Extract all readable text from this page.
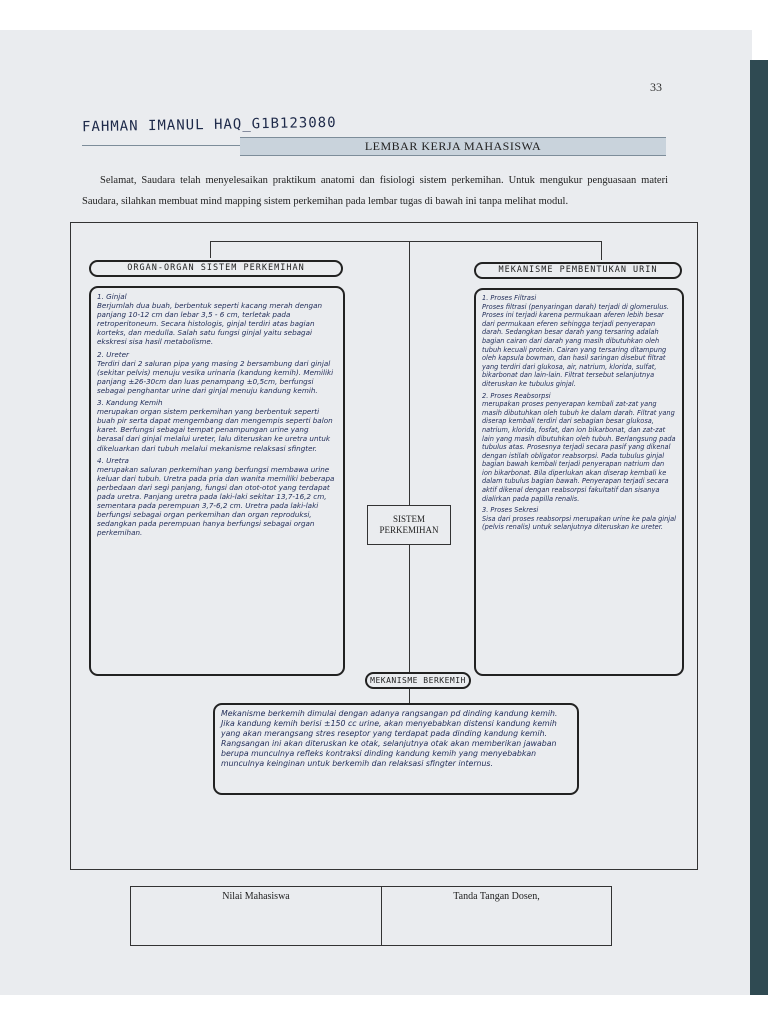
33
FAHMAN IMANUL HAQ_G1B123080
LEMBAR KERJA MAHASISWA
Selamat, Saudara telah menyelesaikan praktikum anatomi dan fisiologi sistem perkemihan. Untuk mengukur penguasaan materi Saudara, silahkan membuat mind mapping sistem perkemihan pada lembar tugas di bawah ini tanpa melihat modul.
ORGAN-ORGAN SISTEM PERKEMIHAN
1. Ginjal
Berjumlah dua buah, berbentuk seperti kacang merah dengan panjang 10-12 cm dan lebar 3,5 - 6 cm, terletak pada retroperitoneum. Secara histologis, ginjal terdiri atas bagian korteks, dan medulla. Salah satu fungsi ginjal yaitu sebagai ekskresi sisa hasil metabolisme.
2. Ureter
Terdiri dari 2 saluran pipa yang masing 2 bersambung dari ginjal (sekitar pelvis) menuju vesika urinaria (kandung kemih). Memiliki panjang ±26-30cm dan luas penampang ±0,5cm, berfungsi sebagai penghantar urine dari ginjal menuju kandung kemih.
3. Kandung Kemih
merupakan organ sistem perkemihan yang berbentuk seperti buah pir serta dapat mengembang dan mengempis seperti balon karet. Berfungsi sebagai tempat penampungan urine yang berasal dari ginjal melalui ureter, lalu diteruskan ke uretra untuk dikeluarkan dari tubuh melalui mekanisme relaksasi sfingter.
4. Uretra
merupakan saluran perkemihan yang berfungsi membawa urine keluar dari tubuh. Uretra pada pria dan wanita memiliki beberapa perbedaan dari segi panjang, fungsi dan otot-otot yang terdapat pada uretra. Panjang uretra pada laki-laki sekitar 13,7-16,2 cm, sementara pada perempuan 3,7-6,2 cm. Uretra pada laki-laki berfungsi sebagai organ perkemihan dan organ reproduksi, sedangkan pada perempuan hanya berfungsi sebagai organ perkemihan.
SISTEM
PERKEMIHAN
MEKANISME PEMBENTUKAN URIN
1. Proses Filtrasi
Proses filtrasi (penyaringan darah) terjadi di glomerulus. Proses ini terjadi karena permukaan aferen lebih besar dari permukaan eferen sehingga terjadi penyerapan darah. Sedangkan besar darah yang tersaring adalah bagian cairan dari darah yang masih dibutuhkan oleh tubuh kecuali protein. Cairan yang tersaring ditampung oleh kapsula bowman, dan hasil saringan disebut filtrat yang terdiri dari glukosa, air, natrium, klorida, sulfat, bikarbonat dan lain-lain. Filtrat tersebut selanjutnya diteruskan ke tubulus ginjal.
2. Proses Reabsorpsi
merupakan proses penyerapan kembali zat-zat yang masih dibutuhkan oleh tubuh ke dalam darah. Filtrat yang diserap kembali terdiri dari sebagian besar glukosa, natrium, klorida, fosfat, dan ion bikarbonat, dan zat-zat lain yang masih dibutuhkan oleh tubuh. Berlangsung pada tubulus atas. Prosesnya terjadi secara pasif yang dikenal dengan istilah obligator reabsorpsi. Pada tubulus ginjal bagian bawah kembali terjadi penyerapan natrium dan ion bikarbonat. Bila diperlukan akan diserap kembali ke dalam tubulus bagian bawah. Penyerapan terjadi secara aktif dikenal dengan reabsorpsi fakultatif dan sisanya dialirkan pada papilla renalis.
3. Proses Sekresi
Sisa dari proses reabsorpsi merupakan urine ke pala ginjal (pelvis renalis) untuk selanjutnya diteruskan ke ureter.
MEKANISME BERKEMIH
Mekanisme berkemih dimulai dengan adanya rangsangan pd dinding kandung kemih. Jika kandung kemih berisi ±150 cc urine, akan menyebabkan distensi kandung kemih yang akan merangsang stres reseptor yang terdapat pada dinding kandung kemih. Rangsangan ini akan diteruskan ke otak, selanjutnya otak akan memberikan jawaban berupa munculnya refleks kontraksi dinding kandung kemih yang menyebabkan munculnya keinginan untuk berkemih dan relaksasi sfingter internus.
Nilai Mahasiswa	Tanda Tangan Dosen,
